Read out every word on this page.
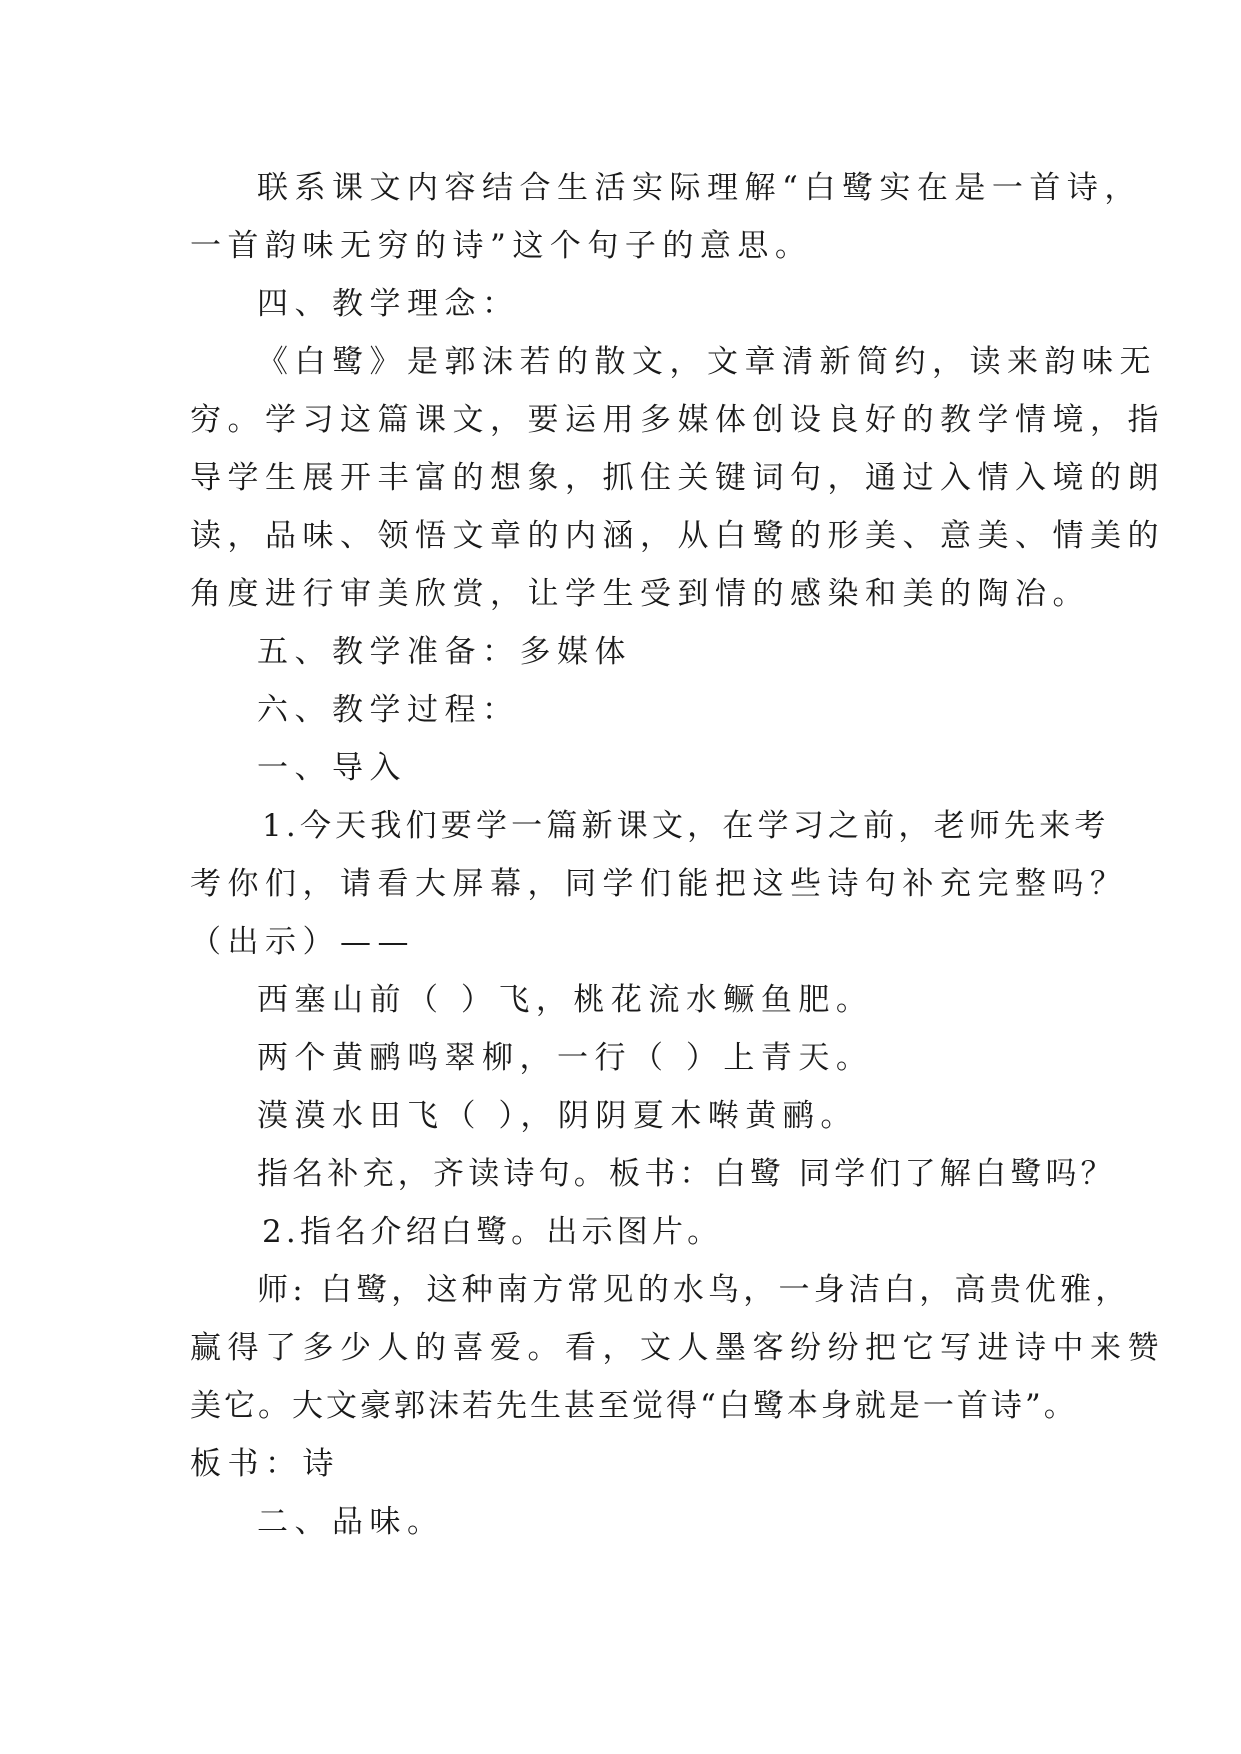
联系课文内容结合生活实际理解“白鹭实在是一首诗，
一首韵味无穷的诗”这个句子的意思。
四、教学理念：
《白鹭》是郭沫若的散文，文章清新简约，读来韵味无
穷。学习这篇课文，要运用多媒体创设良好的教学情境，指
导学生展开丰富的想象，抓住关键词句，通过入情入境的朗
读，品味、领悟文章的内涵，从白鹭的形美、意美、情美的
角度进行审美欣赏，让学生受到情的感染和美的陶冶。
五、教学准备：多媒体
六、教学过程：
一、导入
1.今天我们要学一篇新课文，在学习之前，老师先来考
考你们，请看大屏幕，同学们能把这些诗句补充完整吗？
（出示）——
西塞山前（ ）飞，桃花流水鳜鱼肥。
两个黄鹂鸣翠柳，一行（ ）上青天。
漠漠水田飞（ ），阴阴夏木啭黄鹂。
指名补充，齐读诗句。板书：白鹭 同学们了解白鹭吗？
2.指名介绍白鹭。出示图片。
师: 白鹭，这种南方常见的水鸟，一身洁白，高贵优雅，
赢得了多少人的喜爱。看，文人墨客纷纷把它写进诗中来赞
美它。大文豪郭沫若先生甚至觉得“白鹭本身就是一首诗”。
板书：诗
二、品味。
